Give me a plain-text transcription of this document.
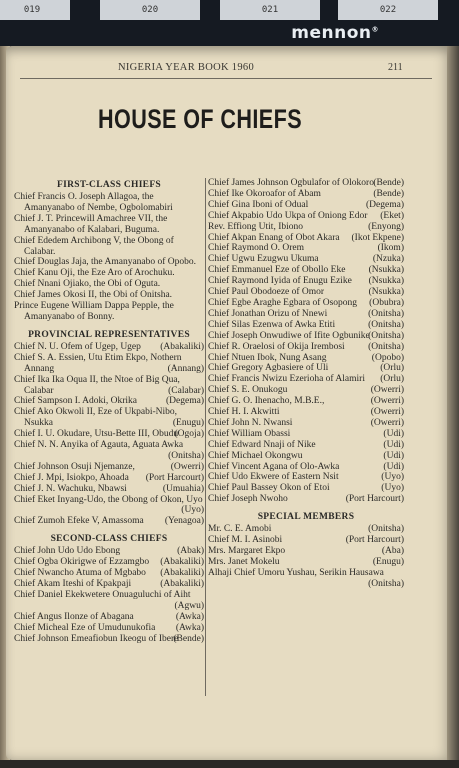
019	020	021	022
mennon®
NIGERIA YEAR BOOK 1960	211
HOUSE OF CHIEFS
FIRST-CLASS CHIEFS
Chief Francis O. Joseph Allagoa, the Amanyanabo of Nembe, Ogbolomabiri
Chief J. T. Princewill Amachree VII, the Amanyanabo of Kalabari, Buguma.
Chief Ededem Archibong V, the Obong of Calabar.
Chief Douglas Jaja, the Amanyanabo of Opobo.
Chief Kanu Oji, the Eze Aro of Arochuku.
Chief Nnani Ojiako, the Obi of Oguta.
Chief James Okosi II, the Obi of Onitsha.
Prince Eugene William Dappa Pepple, the Amanyanabo of Bonny.
PROVINCIAL REPRESENTATIVES
Chief N. U. Ofem of Ugep, Ugep (Abakaliki)
Chief S. A. Essien, Utu Etim Ekpo, Nothern Annang	(Annang)
Chief Ika Ika Oqua II, the Ntoe of Big Qua, Calabar	(Calabar)
Chief Sampson I. Adoki, Okrika	(Degema)
Chief Ako Okwoli II, Eze of Ukpabi-Nibo, Nsukka	(Enugu)
Chief I. U. Okudare, Utsu-Bette III, Obudu
(Ogoja)
Chief N. N. Anyika of Agauta, Aguata Awka
(Onitsha)
Chief Johnson Osuji Njemanze,	(Owerri)
Chief J. Mpi, Isiokpo, Ahoada (Port Harcourt)
Chief J. N. Wachuku, Nbawsi	(Umuahia)
Chief Eket Inyang-Udo, the Obong of Okon, Uyo
(Uyo)
Chief Zumoh Efeke V, Amassoma (Yenagoa)
SECOND-CLASS CHIEFS
Chief John Udo Udo Ebong	(Abak)
Chief Ogba Okirigwe of Ezzamgbo (Abakaliki)
Chief Nwancho Atuma of Mgbabo (Abakaliki)
Chief Akam Iteshi of Kpakpaji	(Abakaliki)
Chief Daniel Ekekwetere Onuaguluchi of Aiht
(Agwu)
Chief Angus Ilonze of Abagana	(Awka)
Chief Micheal Eze of Umudunukofia (Awka)
Chief Johnson Emeafiobun Ikeogu of Ibere
(Bende)
Chief James Johnson Ogbulafor of Olokoro (Bende)
Chief Ike Okoroafor of Abam	(Bende)
Chief Gina Iboni of Odual	(Degema)
Chief Akpabio Udo Ukpa of Oniong Edor (Eket)
Rev. Effiong Utit, Ibiono	(Enyong)
Chief Akpan Enang of Obot Akara (Ikot Ekpene)
Chief Raymond O. Orem	(Ikom)
Chief Ugwu Ezugwu Ukuma	(Nzuka)
Chief Emmanuel Eze of Obollo Eke (Nsukka)
Chief Raymond Iyida of Enugu Ezike (Nsukka)
Chief Paul Obodoeze of Omor	(Nsukka)
Chief Egbe Araghe Egbara of Osopong (Obubra)
Chief Jonathan Orizu of Nnewi	(Onitsha)
Chief Silas Ezenwa of Awka Etiti	(Onitsha)
Chief Joseph Onwudiwe of Ifite Ogbunike
(Onitsha)
Chief R. Oraelosi of Okija Irembosi (Onitsha)
Chief Ntuen Ibok, Nung Asang	(Opobo)
Chief Gregory Agbasiere of Uli	(Orlu)
Chief Francis Nwizu Ezerioha of Alamiri (Orlu)
Chief S. E. Onukogu	(Owerri)
Chief G. O. Ihenacho, M.B.E.,	(Owerri)
Chief H. I. Akwitti	(Owerri)
Chief John N. Nwansi	(Owerri)
Chief William Obassi	(Udi)
Chief Edward Nnaji of Nike	(Udi)
Chief Michael Okongwu	(Udi)
Chief Vincent Agana of Olo-Awka	(Udi)
Chief Udo Ekwere of Eastern Nsit	(Uyo)
Chief Paul Bassey Okon of Etoi	(Uyo)
Chief Joseph Nwoho	(Port Harcourt)
SPECIAL MEMBERS
Mr. C. E. Amobi	(Onitsha)
Chief M. I. Asinobi	(Port Harcourt)
Mrs. Margaret Ekpo	(Aba)
Mrs. Janet Mokelu	(Enugu)
Alhaji Chief Umoru Yushau, Serikin Hausawa
(Onitsha)
